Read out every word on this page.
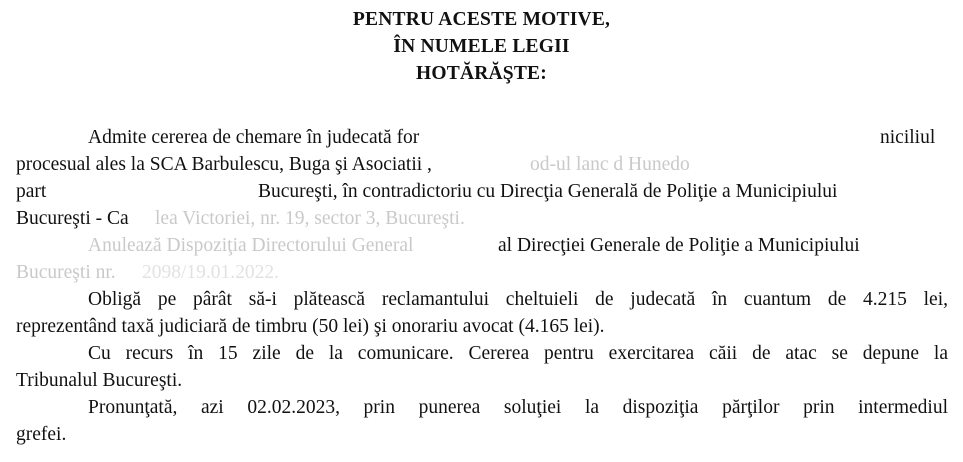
PENTRU ACESTE MOTIVE,
ÎN NUMELE LEGII
HOTĂRĂŞTE:
Admite cererea de chemare în judecată for	niciliul
procesual ales la SCA Barbulescu, Buga şi Asociatii ,	od-ul lanc d Hunedo
part	Bucureşti, în contradictoriu cu Direcţia Generală de Poliţie a Municipiului
Bucureşti - Ca lea Victoriei, nr. 19, sector 3, Bucureşti.
Anulează Dispoziţia Directorului General	al Direcţiei Generale de Poliţie a Municipiului
Bucureşti nr. 2098/19.01.2022.
Obligă pe pârât să-i plătească reclamantului cheltuieli de judecată în cuantum de 4.215 lei,
reprezentând taxă judiciară de timbru (50 lei) şi onorariu avocat (4.165 lei).
Cu recurs în 15 zile de la comunicare. Cererea pentru exercitarea căii de atac se depune la
Tribunalul Bucureşti.
Pronunţată, azi 02.02.2023, prin punerea soluţiei la dispoziţia părţilor prin intermediul
grefei.
